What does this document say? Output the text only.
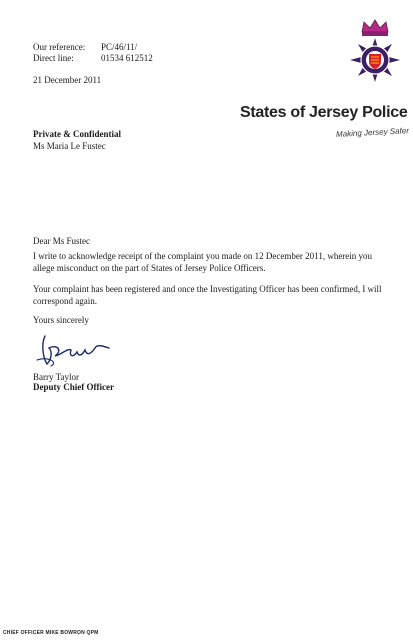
Our reference: PC/46/11/
Direct line:	01534 612512
21 December 2011
States of Jersey Police
Making Jersey Safer
Private & Confidential
Ms Maria Le Fustec
Dear Ms Fustec
I write to acknowledge receipt of the complaint you made on 12 December 2011, wherein you allege misconduct on the part of States of Jersey Police Officers.
Your complaint has been registered and once the Investigating Officer has been confirmed, I will correspond again.
Yours sincerely
Barry Taylor
Deputy Chief Officer
CHIEF OFFICER MIKE BOWRON QPM
